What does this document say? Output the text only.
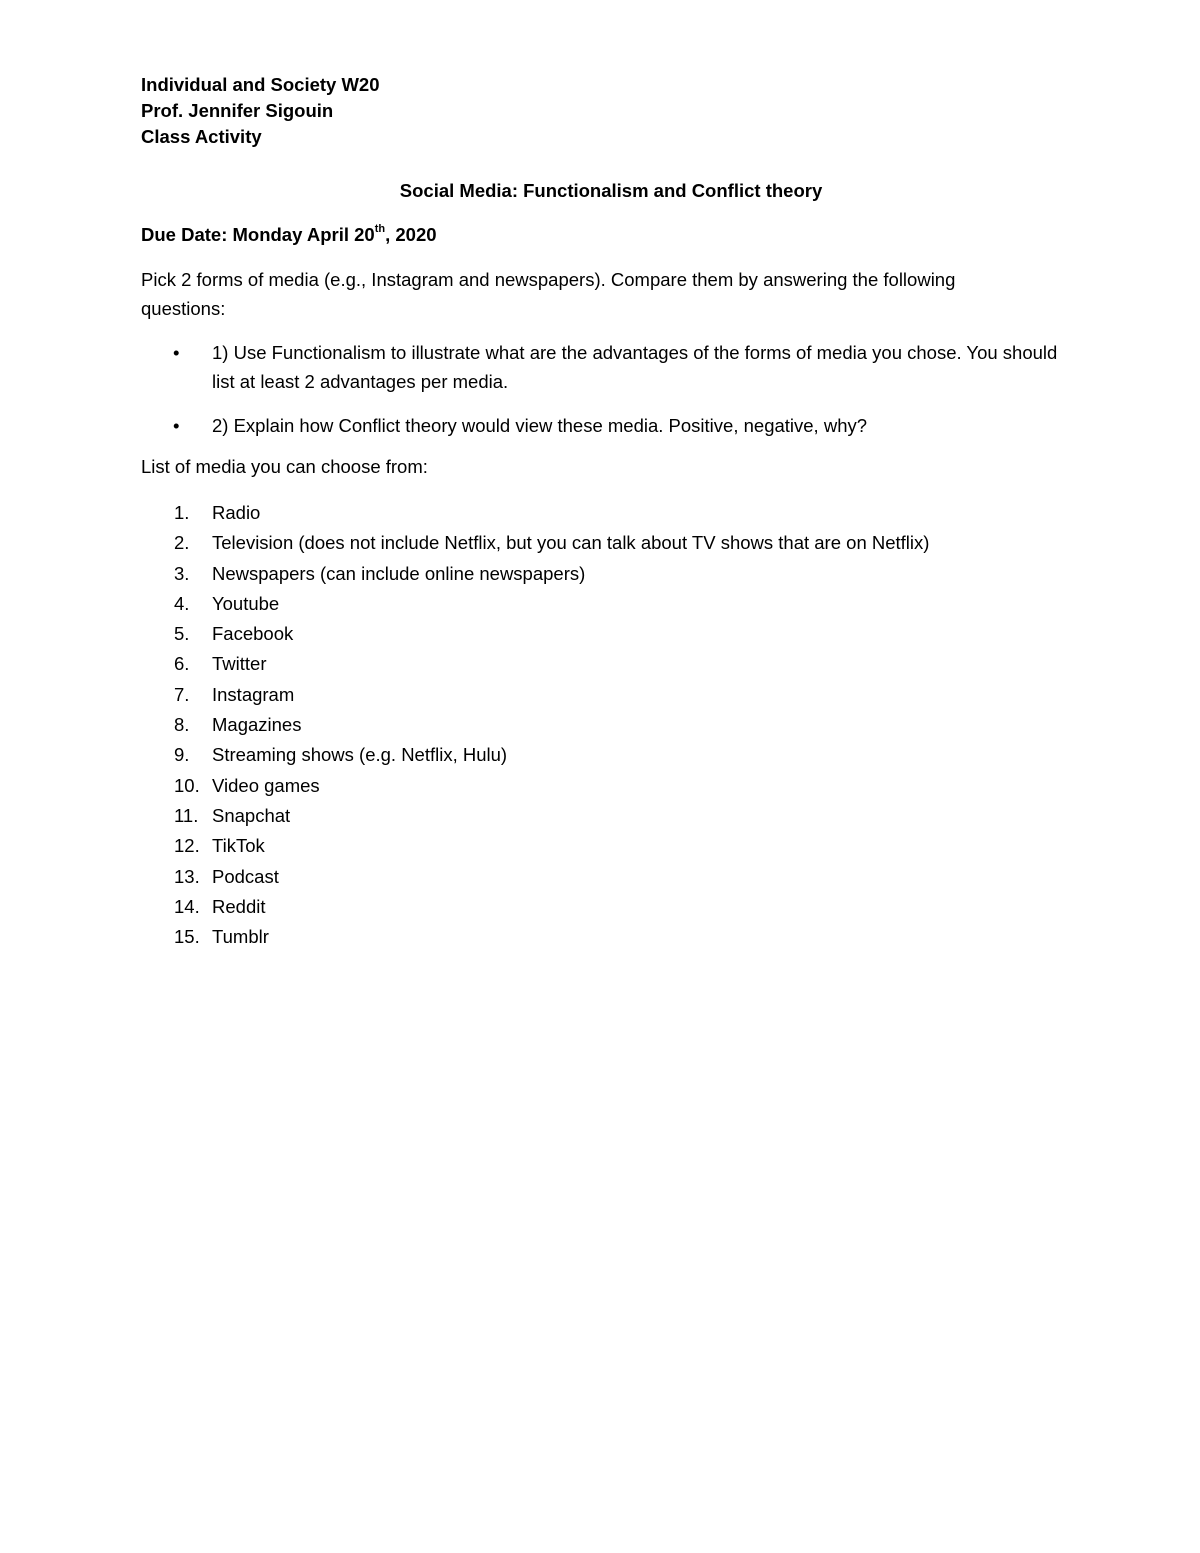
Individual and Society W20

Prof. Jennifer Sigouin

Class Activity

Social Media: Functionalism and Conflict theory

Due Date: Monday April 20th, 2020

Pick 2 forms of media (e.g., Instagram and newspapers). Compare them by answering the following questions:

• 1) Use Functionalism to illustrate what are the advantages of the forms of media you chose. You should list at least 2 advantages per media.
• 2) Explain how Conflict theory would view these media. Positive, negative, why?

List of media you can choose from:

1. Radio
2. Television (does not include Netflix, but you can talk about TV shows that are on Netflix)
3. Newspapers (can include online newspapers)
4. Youtube
5. Facebook
6. Twitter
7. Instagram
8. Magazines
9. Streaming shows (e.g. Netflix, Hulu)
10. Video games
11. Snapchat
12. TikTok
13. Podcast
14. Reddit
15. Tumblr
